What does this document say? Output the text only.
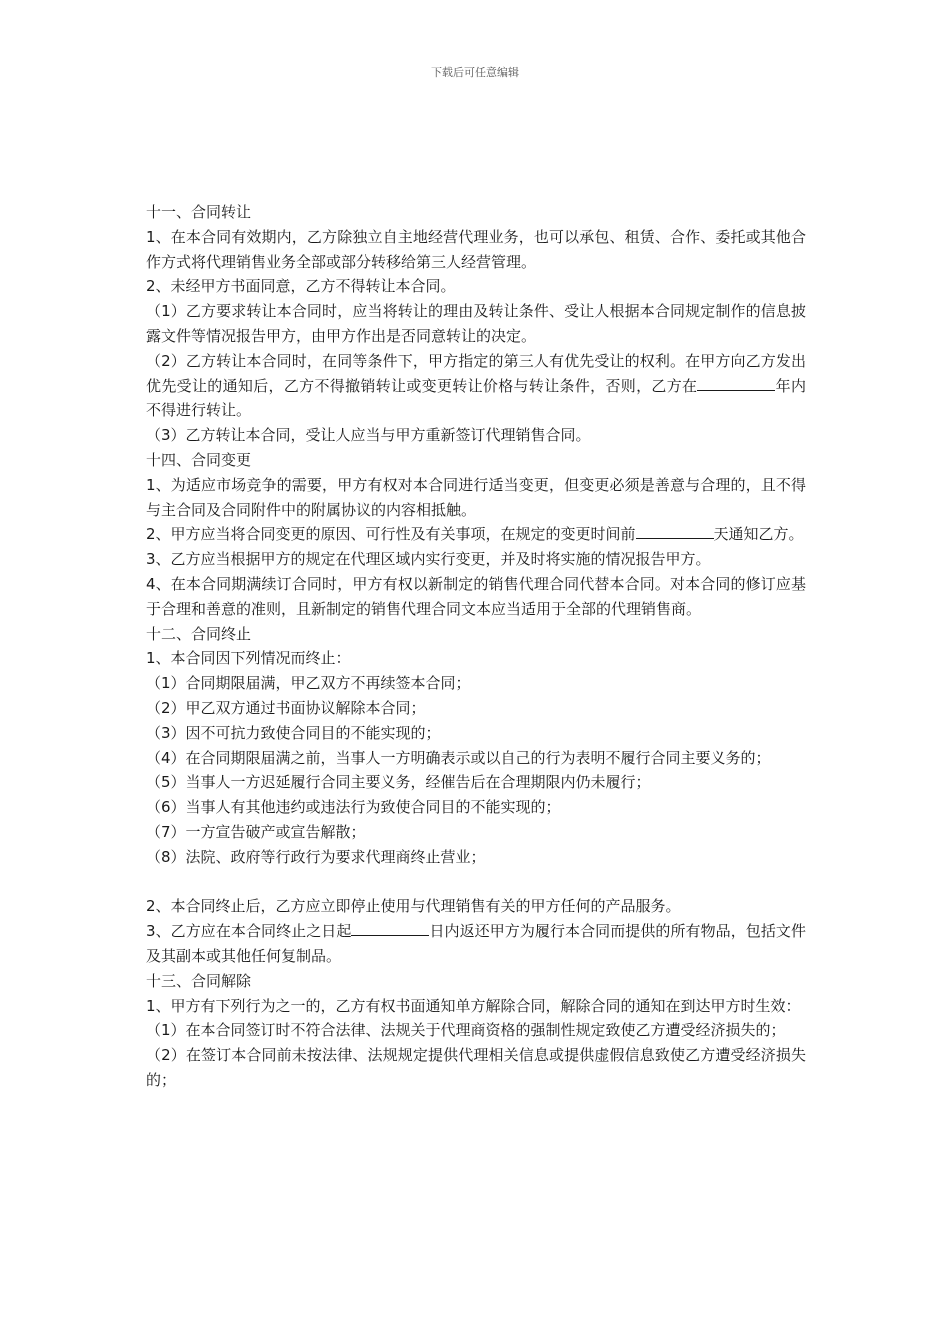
下载后可任意编辑

十一、合同转让

1、在本合同有效期内，乙方除独立自主地经营代理业务，也可以承包、租赁、合作、委托或其他合作方式将代理销售业务全部或部分转移给第三人经营管理。

2、未经甲方书面同意，乙方不得转让本合同。

（1）乙方要求转让本合同时，应当将转让的理由及转让条件、受让人根据本合同规定制作的信息披露文件等情况报告甲方，由甲方作出是否同意转让的决定。

（2）乙方转让本合同时，在同等条件下，甲方指定的第三人有优先受让的权利。在甲方向乙方发出优先受让的通知后，乙方不得撤销转让或变更转让价格与转让条件，否则，乙方在	年内不得进行转让。

（3）乙方转让本合同，受让人应当与甲方重新签订代理销售合同。

十四、合同变更

1、为适应市场竞争的需要，甲方有权对本合同进行适当变更，但变更必须是善意与合理的，且不得与主合同及合同附件中的附属协议的内容相抵触。

2、甲方应当将合同变更的原因、可行性及有关事项，在规定的变更时间前	天通知乙方。

3、乙方应当根据甲方的规定在代理区域内实行变更，并及时将实施的情况报告甲方。

4、在本合同期满续订合同时，甲方有权以新制定的销售代理合同代替本合同。对本合同的修订应基于合理和善意的准则，且新制定的销售代理合同文本应当适用于全部的代理销售商。

十二、合同终止

1、本合同因下列情况而终止：

（1）合同期限届满，甲乙双方不再续签本合同；

（2）甲乙双方通过书面协议解除本合同；

（3）因不可抗力致使合同目的不能实现的；

（4）在合同期限届满之前，当事人一方明确表示或以自己的行为表明不履行合同主要义务的；

（5）当事人一方迟延履行合同主要义务，经催告后在合理期限内仍未履行；

（6）当事人有其他违约或违法行为致使合同目的不能实现的；

（7）一方宣告破产或宣告解散；

（8）法院、政府等行政行为要求代理商终止营业；

2、本合同终止后，乙方应立即停止使用与代理销售有关的甲方任何的产品服务。

3、乙方应在本合同终止之日起	日内返还甲方为履行本合同而提供的所有物品，包括文件及其副本或其他任何复制品。

十三、合同解除

1、甲方有下列行为之一的，乙方有权书面通知单方解除合同，解除合同的通知在到达甲方时生效：

（1）在本合同签订时不符合法律、法规关于代理商资格的强制性规定致使乙方遭受经济损失的；

（2）在签订本合同前未按法律、法规规定提供代理相关信息或提供虚假信息致使乙方遭受经济损失的；
